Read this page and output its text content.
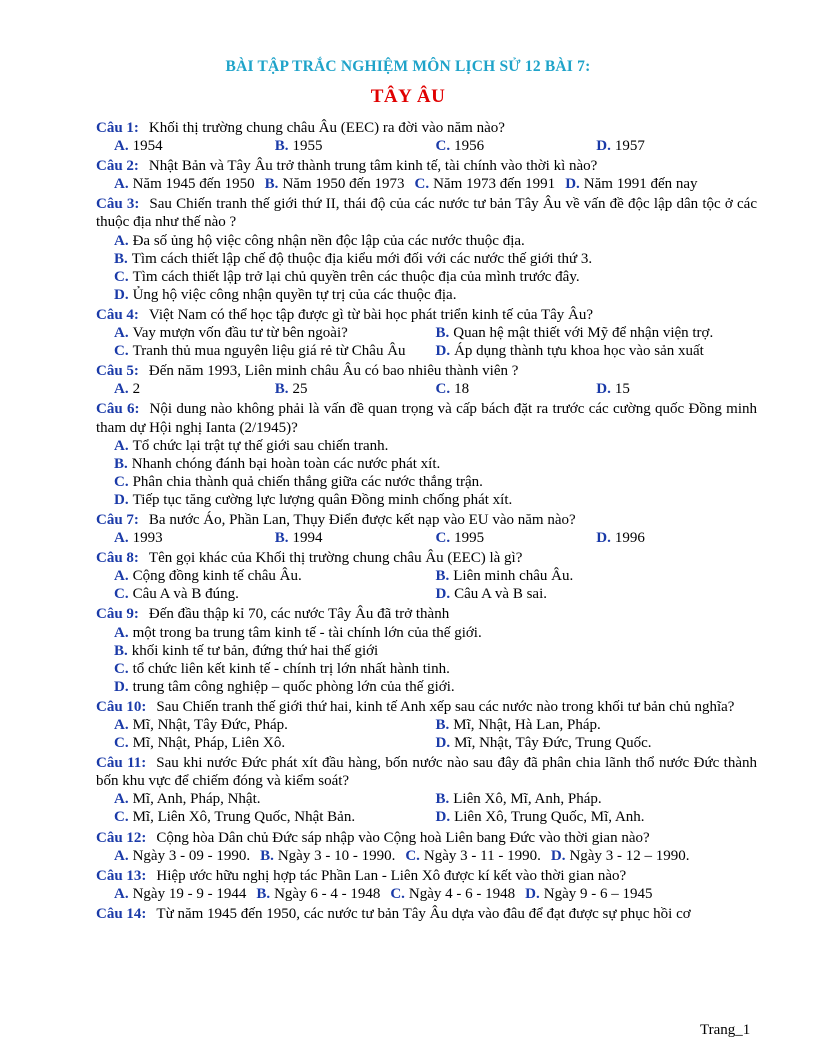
BÀI TẬP TRẮC NGHIỆM MÔN LỊCH SỬ 12 BÀI 7:
TÂY ÂU
Câu 1: Khối thị trường chung châu Âu (EEC) ra đời vào năm nào?
A. 1954	B. 1955	C. 1956	D. 1957
Câu 2: Nhật Bản và Tây Âu trở thành trung tâm kinh tế, tài chính vào thời kì nào?
A. Năm 1945 đến 1950 B. Năm 1950 đến 1973 C. Năm 1973 đến 1991 D. Năm 1991 đến nay
Câu 3: Sau Chiến tranh thế giới thứ II, thái độ của các nước tư bản Tây Âu về vấn đề độc lập dân tộc ở các thuộc địa như thế nào ?
A. Đa số ủng hộ việc công nhận nền độc lập của các nước thuộc địa.
B. Tìm cách thiết lập chế độ thuộc địa kiểu mới đối với các nước thế giới thứ 3.
C. Tìm cách thiết lập trở lại chủ quyền trên các thuộc địa của mình trước đây.
D. Ủng hộ việc công nhận quyền tự trị của các thuộc địa.
Câu 4: Việt Nam có thể học tập được gì từ bài học phát triển kinh tế của Tây Âu?
A. Vay mượn vốn đầu tư từ bên ngoài?	B. Quan hệ mật thiết với Mỹ để nhận viện trợ.
C. Tranh thủ mua nguyên liệu giá rẻ từ Châu Âu	D. Áp dụng thành tựu khoa học vào sản xuất
Câu 5: Đến năm 1993, Liên minh châu Âu có bao nhiêu thành viên ?
A. 2	B. 25	C. 18	D. 15
Câu 6: Nội dung nào không phải là vấn đề quan trọng và cấp bách đặt ra trước các cường quốc Đồng minh tham dự Hội nghị Ianta (2/1945)?
A. Tổ chức lại trật tự thế giới sau chiến tranh.
B. Nhanh chóng đánh bại hoàn toàn các nước phát xít.
C. Phân chia thành quả chiến thắng giữa các nước thắng trận.
D. Tiếp tục tăng cường lực lượng quân Đồng minh chống phát xít.
Câu 7: Ba nước Áo, Phần Lan, Thụy Điển được kết nạp vào EU vào năm nào?
A. 1993	B. 1994	C. 1995	D. 1996
Câu 8: Tên gọi khác của Khối thị trường chung châu Âu (EEC) là gì?
A. Cộng đồng kinh tế châu Âu.	B. Liên minh châu Âu.
C. Câu A và B đúng.	D. Câu A và B sai.
Câu 9: Đến đầu thập kỉ 70, các nước Tây Âu đã trở thành
A. một trong ba trung tâm kinh tế - tài chính lớn của thế giới.
B. khối kinh tế tư bản, đứng thứ hai thế giới
C. tổ chức liên kết kinh tế - chính trị lớn nhất hành tinh.
D. trung tâm công nghiệp – quốc phòng lớn của thế giới.
Câu 10: Sau Chiến tranh thế giới thứ hai, kinh tế Anh xếp sau các nước nào trong khối tư bản chủ nghĩa?
A. Mĩ, Nhật, Tây Đức, Pháp.	B. Mĩ, Nhật, Hà Lan, Pháp.
C. Mĩ, Nhật, Pháp, Liên Xô.	D. Mĩ, Nhật, Tây Đức, Trung Quốc.
Câu 11: Sau khi nước Đức phát xít đầu hàng, bốn nước nào sau đây đã phân chia lãnh thổ nước Đức thành bốn khu vực để chiếm đóng và kiểm soát?
A. Mĩ, Anh, Pháp, Nhật.	B. Liên Xô, Mĩ, Anh, Pháp.
C. Mĩ, Liên Xô, Trung Quốc, Nhật Bản.	D. Liên Xô, Trung Quốc, Mĩ, Anh.
Câu 12: Cộng hòa Dân chủ Đức sáp nhập vào Cộng hoà Liên bang Đức vào thời gian nào?
A. Ngày 3 - 09 - 1990. B. Ngày 3 - 10 - 1990. C. Ngày 3 - 11 - 1990. D. Ngày 3 - 12 – 1990.
Câu 13: Hiệp ước hữu nghị hợp tác Phần Lan - Liên Xô được kí kết vào thời gian nào?
A. Ngày 19 - 9 - 1944 B. Ngày 6 - 4 - 1948 C. Ngày 4 - 6 - 1948 D. Ngày 9 - 6 – 1945
Câu 14: Từ năm 1945 đến 1950, các nước tư bản Tây Âu dựa vào đâu để đạt được sự phục hồi cơ
Trang_1
